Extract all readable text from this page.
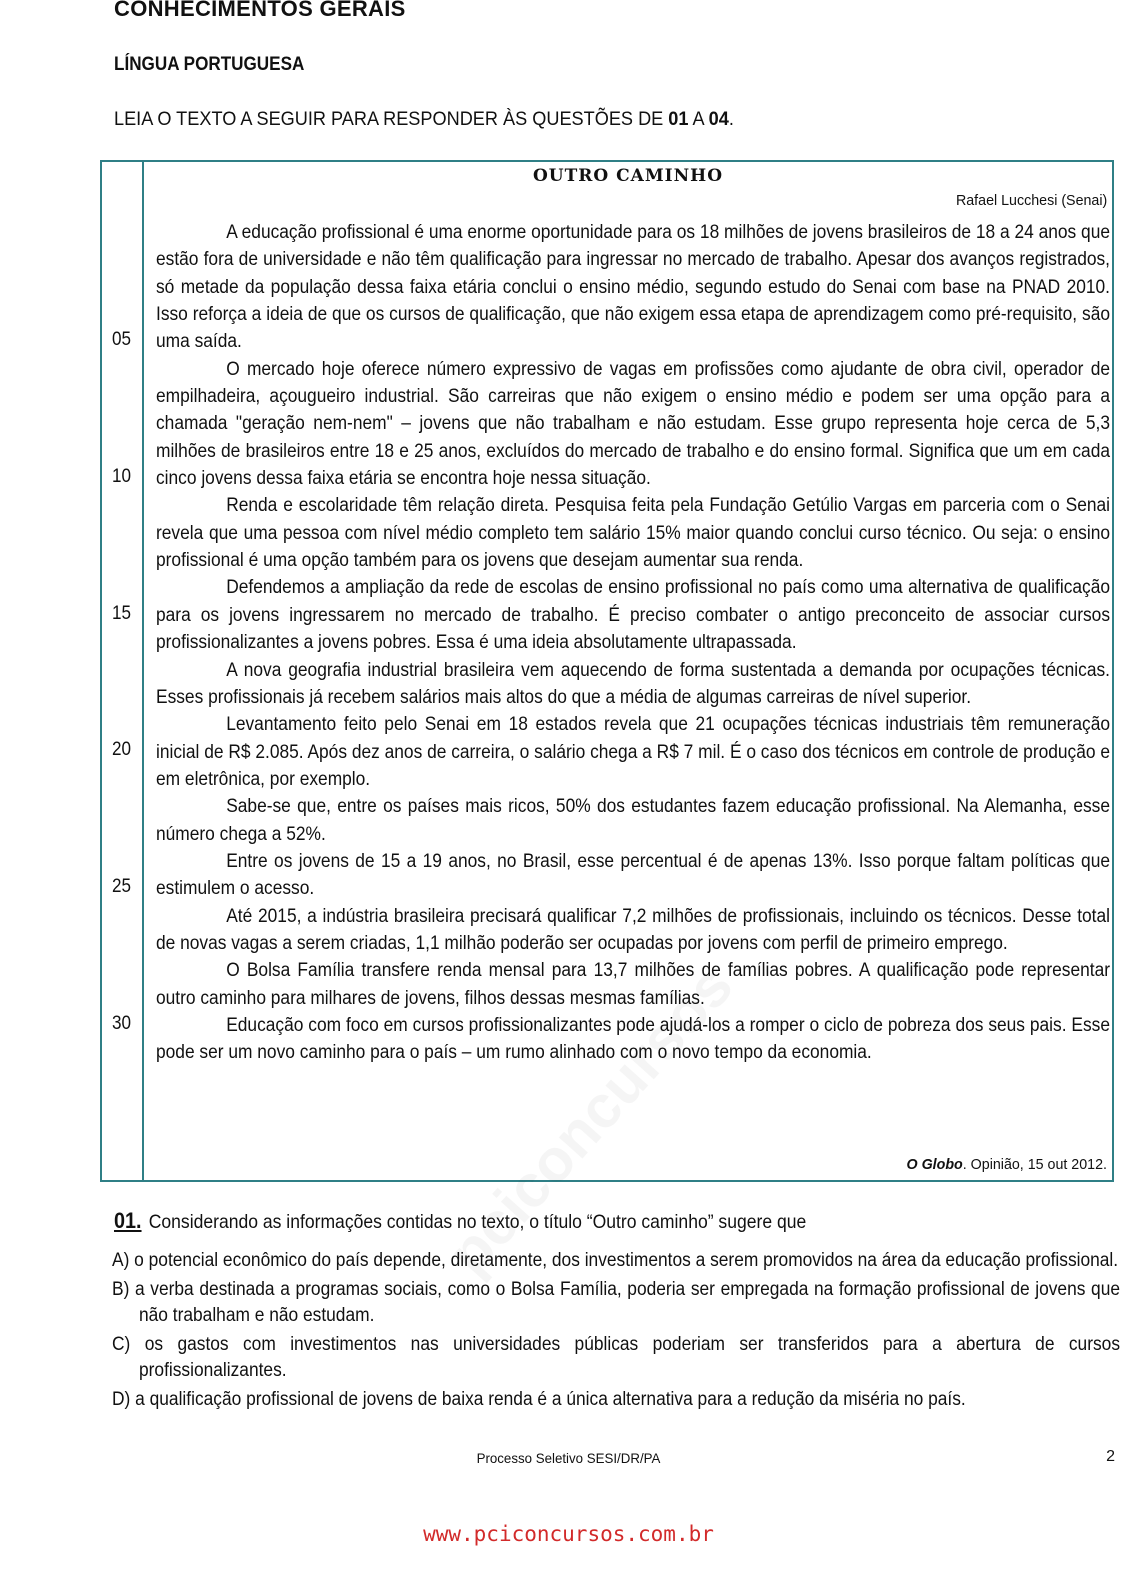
CONHECIMENTOS GERAIS
LÍNGUA PORTUGUESA
LEIA O TEXTO A SEGUIR PARA RESPONDER ÀS QUESTÕES DE 01 A 04.
OUTRO CAMINHO
Rafael Lucchesi (Senai)
05
10
15
20
25
30

A educação profissional é uma enorme oportunidade para os 18 milhões de jovens brasileiros de 18 a 24 anos que estão fora de universidade e não têm qualificação para ingressar no mercado de trabalho. Apesar dos avanços registrados, só metade da população dessa faixa etária conclui o ensino médio, segundo estudo do Senai com base na PNAD 2010. Isso reforça a ideia de que os cursos de qualificação, que não exigem essa etapa de aprendizagem como pré-requisito, são uma saída.

O mercado hoje oferece número expressivo de vagas em profissões como ajudante de obra civil, operador de empilhadeira, açougueiro industrial. São carreiras que não exigem o ensino médio e podem ser uma opção para a chamada "geração nem-nem" – jovens que não trabalham e não estudam. Esse grupo representa hoje cerca de 5,3 milhões de brasileiros entre 18 e 25 anos, excluídos do mercado de trabalho e do ensino formal. Significa que um em cada cinco jovens dessa faixa etária se encontra hoje nessa situação.

Renda e escolaridade têm relação direta. Pesquisa feita pela Fundação Getúlio Vargas em parceria com o Senai revela que uma pessoa com nível médio completo tem salário 15% maior quando conclui curso técnico. Ou seja: o ensino profissional é uma opção também para os jovens que desejam aumentar sua renda.

Defendemos a ampliação da rede de escolas de ensino profissional no país como uma alternativa de qualificação para os jovens ingressarem no mercado de trabalho. É preciso combater o antigo preconceito de associar cursos profissionalizantes a jovens pobres. Essa é uma ideia absolutamente ultrapassada.

A nova geografia industrial brasileira vem aquecendo de forma sustentada a demanda por ocupações técnicas. Esses profissionais já recebem salários mais altos do que a média de algumas carreiras de nível superior.

Levantamento feito pelo Senai em 18 estados revela que 21 ocupações técnicas industriais têm remuneração inicial de R$ 2.085. Após dez anos de carreira, o salário chega a R$ 7 mil. É o caso dos técnicos em controle de produção e em eletrônica, por exemplo.

Sabe-se que, entre os países mais ricos, 50% dos estudantes fazem educação profissional. Na Alemanha, esse número chega a 52%.

Entre os jovens de 15 a 19 anos, no Brasil, esse percentual é de apenas 13%. Isso porque faltam políticas que estimulem o acesso.

Até 2015, a indústria brasileira precisará qualificar 7,2 milhões de profissionais, incluindo os técnicos. Desse total de novas vagas a serem criadas, 1,1 milhão poderão ser ocupadas por jovens com perfil de primeiro emprego.

O Bolsa Família transfere renda mensal para 13,7 milhões de famílias pobres. A qualificação pode representar outro caminho para milhares de jovens, filhos dessas mesmas famílias.

Educação com foco em cursos profissionalizantes pode ajudá-los a romper o ciclo de pobreza dos seus pais. Esse pode ser um novo caminho para o país – um rumo alinhado com o novo tempo da economia.

O Globo. Opinião, 15 out 2012.
01. Considerando as informações contidas no texto, o título “Outro caminho” sugere que
A) o potencial econômico do país depende, diretamente, dos investimentos a serem promovidos na área da educação profissional.
B) a verba destinada a programas sociais, como o Bolsa Família, poderia ser empregada na formação profissional de jovens que não trabalham e não estudam.
C) os gastos com investimentos nas universidades públicas poderiam ser transferidos para a abertura de cursos profissionalizantes.
D) a qualificação profissional de jovens de baixa renda é a única alternativa para a redução da miséria no país.
Processo Seletivo SESI/DR/PA	2
www.pciconcursos.com.br
